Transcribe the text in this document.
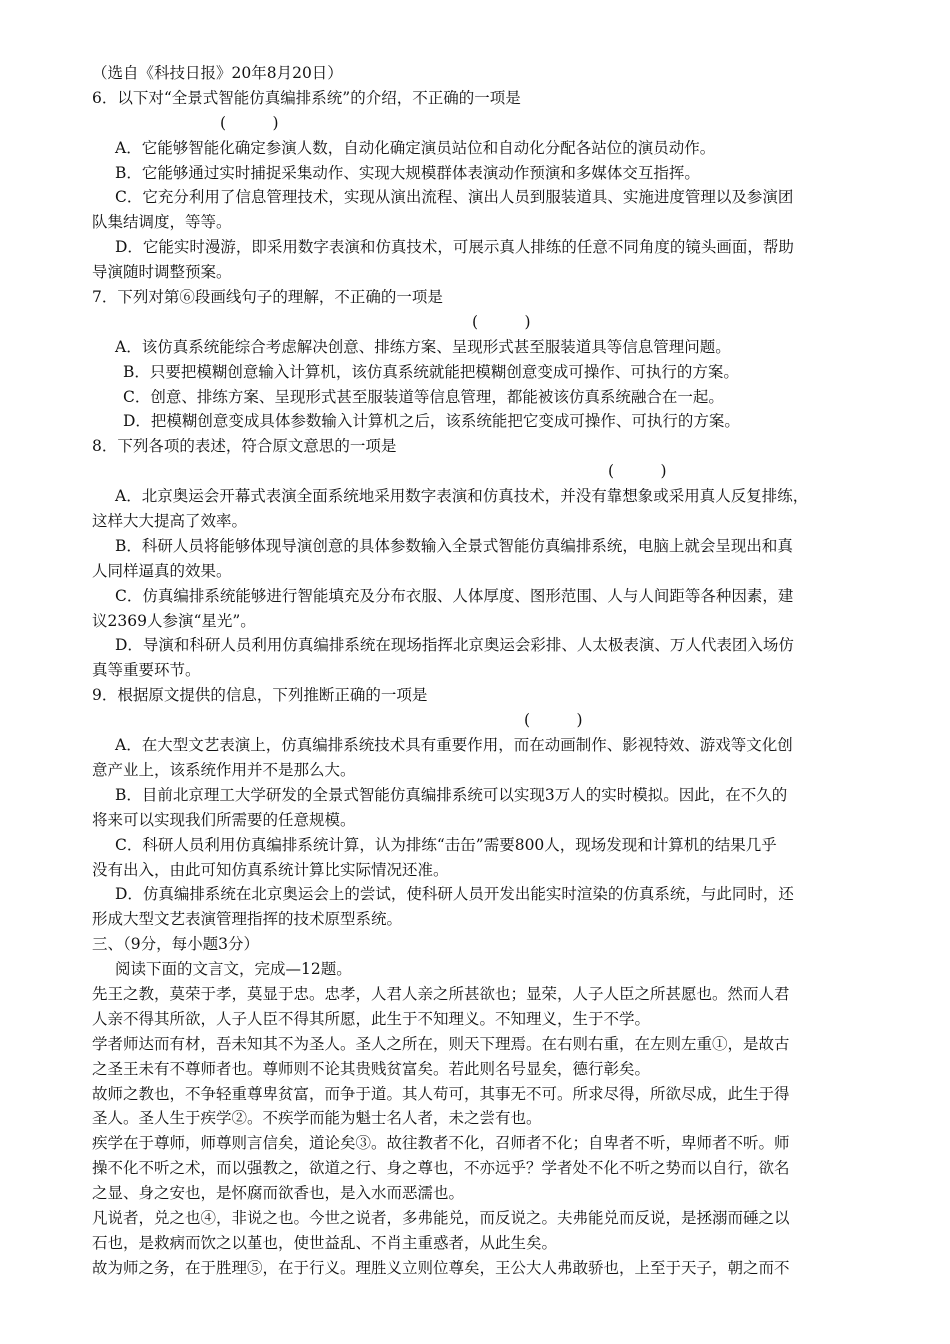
（选自《科技日报》20年8月20日）
6．以下对“全景式智能仿真编排系统”的介绍，不正确的一项是
(　　　)
A．它能够智能化确定参演人数，自动化确定演员站位和自动化分配各站位的演员动作。
B．它能够通过实时捕捉采集动作、实现大规模群体表演动作预演和多媒体交互指挥。
C．它充分利用了信息管理技术，实现从演出流程、演出人员到服装道具、实施进度管理以及参演团
队集结调度，等等。
D．它能实时漫游，即采用数字表演和仿真技术，可展示真人排练的任意不同角度的镜头画面，帮助
导演随时调整预案。
7．下列对第⑥段画线句子的理解，不正确的一项是
(　　　)
A．该仿真系统能综合考虑解决创意、排练方案、呈现形式甚至服装道具等信息管理问题。
B．只要把模糊创意输入计算机，该仿真系统就能把模糊创意变成可操作、可执行的方案。
C．创意、排练方案、呈现形式甚至服装道等信息管理，都能被该仿真系统融合在一起。
D．把模糊创意变成具体参数输入计算机之后，该系统能把它变成可操作、可执行的方案。
8．下列各项的表述，符合原文意思的一项是
(　　　)
A．北京奥运会开幕式表演全面系统地采用数字表演和仿真技术，并没有靠想象或采用真人反复排练，
这样大大提高了效率。
B．科研人员将能够体现导演创意的具体参数输入全景式智能仿真编排系统，电脑上就会呈现出和真
人同样逼真的效果。
C．仿真编排系统能够进行智能填充及分布衣服、人体厚度、图形范围、人与人间距等各种因素，建
议2369人参演“星光”。
D．导演和科研人员利用仿真编排系统在现场指挥北京奥运会彩排、人太极表演、万人代表团入场仿
真等重要环节。
9．根据原文提供的信息，下列推断正确的一项是
(　　　)
A．在大型文艺表演上，仿真编排系统技术具有重要作用，而在动画制作、影视特效、游戏等文化创
意产业上，该系统作用并不是那么大。
B．目前北京理工大学研发的全景式智能仿真编排系统可以实现3万人的实时模拟。因此，在不久的
将来可以实现我们所需要的任意规模。
C．科研人员利用仿真编排系统计算，认为排练“击缶”需要800人，现场发现和计算机的结果几乎
没有出入，由此可知仿真系统计算比实际情况还准。
D．仿真编排系统在北京奥运会上的尝试，使科研人员开发出能实时渲染的仿真系统，与此同时，还
形成大型文艺表演管理指挥的技术原型系统。
三、（9分，每小题3分）
阅读下面的文言文，完成—12题。
先王之教，莫荣于孝，莫显于忠。忠孝，人君人亲之所甚欲也；显荣，人子人臣之所甚愿也。然而人君
人亲不得其所欲，人子人臣不得其所愿，此生于不知理义。不知理义，生于不学。
学者师达而有材，吾未知其不为圣人。圣人之所在，则天下理焉。在右则右重，在左则左重①，是故古
之圣王未有不尊师者也。尊师则不论其贵贱贫富矣。若此则名号显矣，德行彰矣。
故师之教也，不争轻重尊卑贫富，而争于道。其人苟可，其事无不可。所求尽得，所欲尽成，此生于得
圣人。圣人生于疾学②。不疾学而能为魁士名人者，未之尝有也。
疾学在于尊师，师尊则言信矣，道论矣③。故往教者不化，召师者不化；自卑者不听，卑师者不听。师
操不化不听之术，而以强教之，欲道之行、身之尊也，不亦远乎？学者处不化不听之势而以自行，欲名
之显、身之安也，是怀腐而欲香也，是入水而恶濡也。
凡说者，兑之也④，非说之也。今世之说者，多弗能兑，而反说之。夫弗能兑而反说，是拯溺而硾之以
石也，是救病而饮之以堇也，使世益乱、不肖主重惑者，从此生矣。
故为师之务，在于胜理⑤，在于行义。理胜义立则位尊矣，王公大人弗敢骄也，上至于天子，朝之而不
